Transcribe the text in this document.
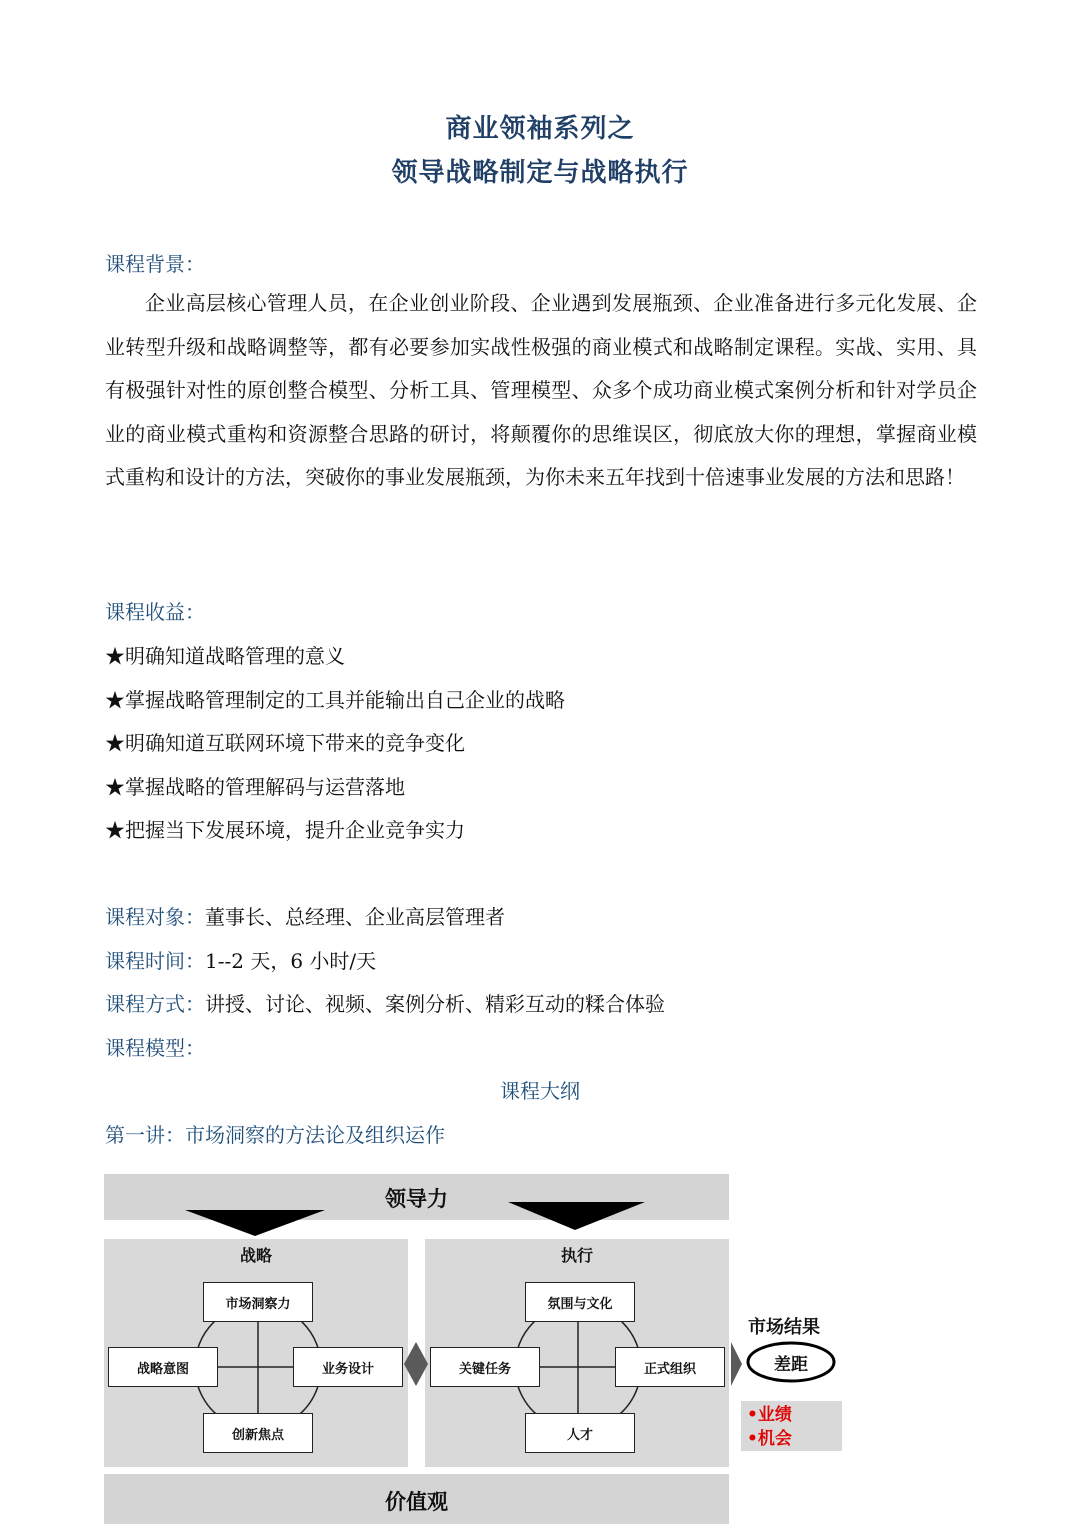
商业领袖系列之
领导战略制定与战略执行
课程背景：

企业高层核心管理人员，在企业创业阶段、企业遇到发展瓶颈、企业准备进行多元化发展、企业转型升级和战略调整等，都有必要参加实战性极强的商业模式和战略制定课程。实战、实用、具有极强针对性的原创整合模型、分析工具、管理模型、众多个成功商业模式案例分析和针对学员企业的商业模式重构和资源整合思路的研讨，将颠覆你的思维误区，彻底放大你的理想，掌握商业模式重构和设计的方法，突破你的事业发展瓶颈，为你未来五年找到十倍速事业发展的方法和思路！

课程收益：
★明确知道战略管理的意义
★掌握战略管理制定的工具并能输出自己企业的战略
★明确知道互联网环境下带来的竞争变化
★掌握战略的管理解码与运营落地
★把握当下发展环境，提升企业竞争实力
课程对象：董事长、总经理、企业高层管理者
课程时间：1--2 天，6 小时/天
课程方式：讲授、讨论、视频、案例分析、精彩互动的糅合体验
课程模型：
课程大纲
第一讲：市场洞察的方法论及组织运作
领导力
战略	执行
市场洞察力
战略意图	业务设计
创新焦点
氛围与文化
关键任务	正式组织
人才
市场结果
差距
•业绩
•机会
价值观
